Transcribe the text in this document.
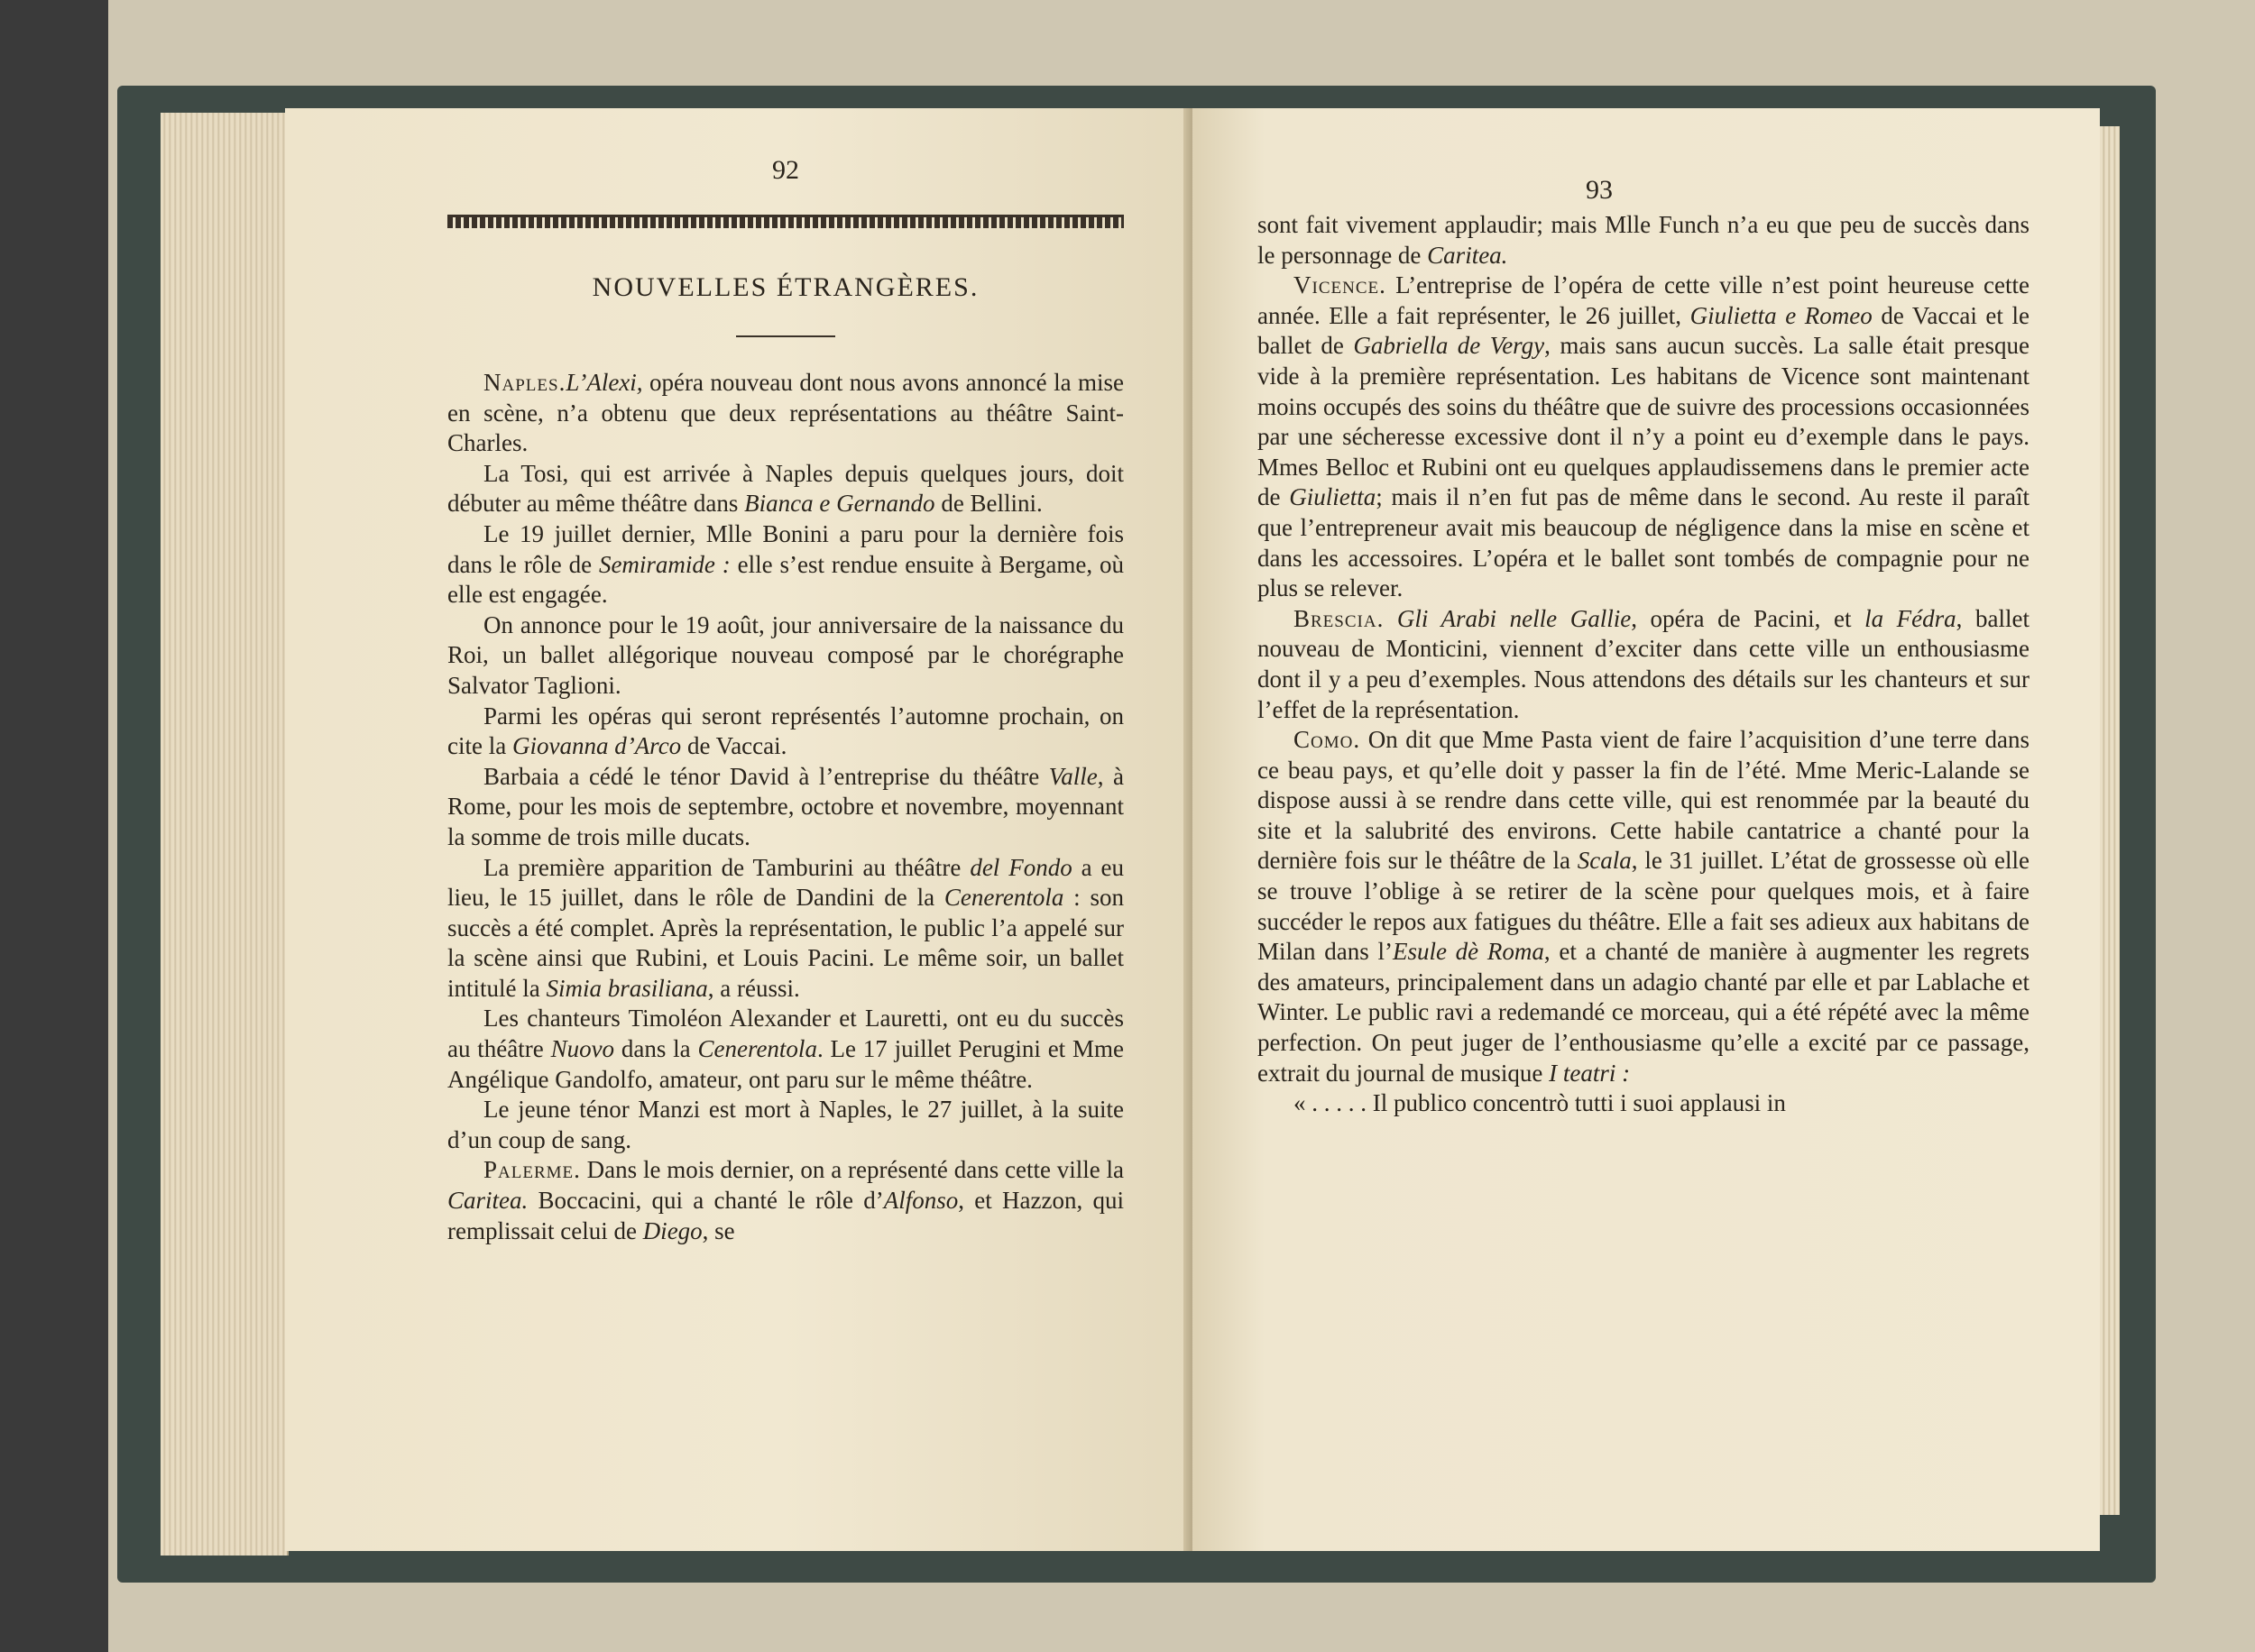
92
NOUVELLES ÉTRANGÈRES.

Naples.L’Alexi, opéra nouveau dont nous avons annoncé la mise en scène, n’a obtenu que deux représentations au théâtre Saint-Charles.

La Tosi, qui est arrivée à Naples depuis quelques jours, doit débuter au même théâtre dans Bianca e Gernando de Bellini.

Le 19 juillet dernier, Mlle Bonini a paru pour la dernière fois dans le rôle de Semiramide : elle s’est rendue ensuite à Bergame, où elle est engagée.

On annonce pour le 19 août, jour anniversaire de la naissance du Roi, un ballet allégorique nouveau composé par le chorégraphe Salvator Taglioni.

Parmi les opéras qui seront représentés l’automne prochain, on cite la Giovanna d’Arco de Vaccai.

Barbaia a cédé le ténor David à l’entreprise du théâtre Valle, à Rome, pour les mois de septembre, octobre et novembre, moyennant la somme de trois mille ducats.

La première apparition de Tamburini au théâtre del Fondo a eu lieu, le 15 juillet, dans le rôle de Dandini de la Cenerentola : son succès a été complet. Après la représentation, le public l’a appelé sur la scène ainsi que Rubini, et Louis Pacini. Le même soir, un ballet intitulé la Simia brasiliana, a réussi.

Les chanteurs Timoléon Alexander et Lauretti, ont eu du succès au théâtre Nuovo dans la Cenerentola. Le 17 juillet Perugini et Mme Angélique Gandolfo, amateur, ont paru sur le même théâtre.

Le jeune ténor Manzi est mort à Naples, le 27 juillet, à la suite d’un coup de sang.

Palerme. Dans le mois dernier, on a représenté dans cette ville la Caritea. Boccacini, qui a chanté le rôle d’Alfonso, et Hazzon, qui remplissait celui de Diego, se

93

sont fait vivement applaudir; mais Mlle Funch n’a eu que peu de succès dans le personnage de Caritea.

Vicence. L’entreprise de l’opéra de cette ville n’est point heureuse cette année. Elle a fait représenter, le 26 juillet, Giulietta e Romeo de Vaccai et le ballet de Gabriella de Vergy, mais sans aucun succès. La salle était presque vide à la première représentation. Les habitans de Vicence sont maintenant moins occupés des soins du théâtre que de suivre des processions occasionnées par une sécheresse excessive dont il n’y a point eu d’exemple dans le pays. Mmes Belloc et Rubini ont eu quelques applaudissemens dans le premier acte de Giulietta; mais il n’en fut pas de même dans le second. Au reste il paraît que l’entrepreneur avait mis beaucoup de négligence dans la mise en scène et dans les accessoires. L’opéra et le ballet sont tombés de compagnie pour ne plus se relever.

Brescia. Gli Arabi nelle Gallie, opéra de Pacini, et la Fédra, ballet nouveau de Monticini, viennent d’exciter dans cette ville un enthousiasme dont il y a peu d’exemples. Nous attendons des détails sur les chanteurs et sur l’effet de la représentation.

Como. On dit que Mme Pasta vient de faire l’acquisition d’une terre dans ce beau pays, et qu’elle doit y passer la fin de l’été. Mme Meric-Lalande se dispose aussi à se rendre dans cette ville, qui est renommée par la beauté du site et la salubrité des environs. Cette habile cantatrice a chanté pour la dernière fois sur le théâtre de la Scala, le 31 juillet. L’état de grossesse où elle se trouve l’oblige à se retirer de la scène pour quelques mois, et à faire succéder le repos aux fatigues du théâtre. Elle a fait ses adieux aux habitans de Milan dans l’Esule dè Roma, et a chanté de manière à augmenter les regrets des amateurs, principalement dans un adagio chanté par elle et par Lablache et Winter. Le public ravi a redemandé ce morceau, qui a été répété avec la même perfection. On peut juger de l’enthousiasme qu’elle a excité par ce passage, extrait du journal de musique I teatri :

« . . . . . Il publico concentrò tutti i suoi applausi in
